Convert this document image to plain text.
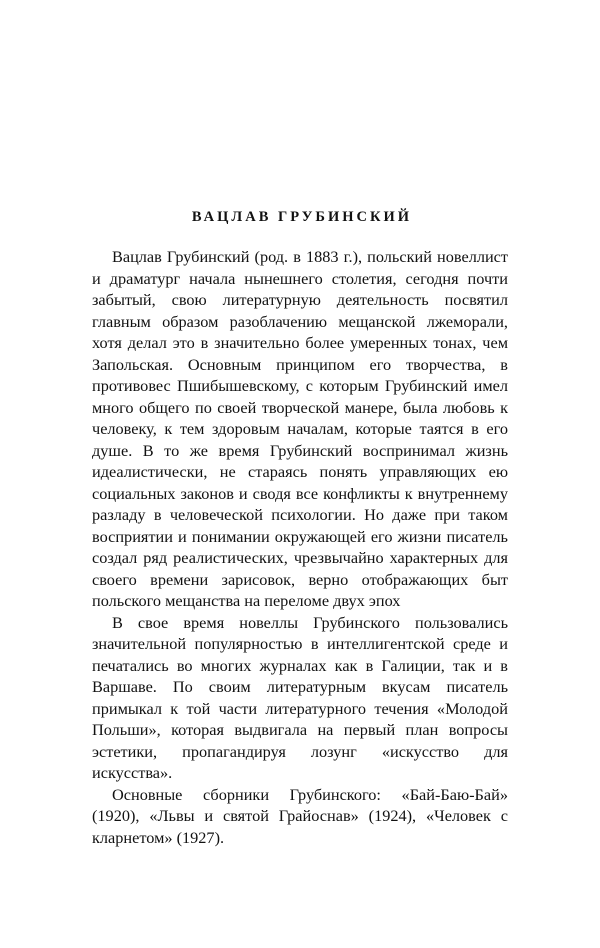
ВАЦЛАВ ГРУБИНСКИЙ

Вацлав Грубинский (род. в 1883 г.), польский новеллист и драматург начала нынешнего столетия, сегодня почти забытый, свою литературную деятельность посвятил главным образом разоблачению мещанской лжеморали, хотя делал это в значительно более умеренных тонах, чем Запольская. Основным принципом его творчества, в противовес Пшибышевскому, с которым Грубинский имел много общего по своей творческой манере, была любовь к человеку, к тем здоровым началам, которые таятся в его душе. В то же время Грубинский воспринимал жизнь идеалистически, не стараясь понять управляющих ею социальных законов и сводя все конфликты к внутреннему разладу в человеческой психологии. Но даже при таком восприятии и понимании окружающей его жизни писатель создал ряд реалистических, чрезвычайно характерных для своего времени зарисовок, верно отображающих быт польского мещанства на переломе двух эпох

В свое время новеллы Грубинского пользовались значительной популярностью в интеллигентской среде и печатались во многих журналах как в Галиции, так и в Варшаве. По своим литературным вкусам писатель примыкал к той части литературного течения «Молодой Польши», которая выдвигала на первый план вопросы эстетики, пропагандируя лозунг «искусство для искусства».

Основные сборники Грубинского: «Бай-Баю-Бай» (1920), «Львы и святой Грайоснав» (1924), «Человек с кларнетом» (1927).
